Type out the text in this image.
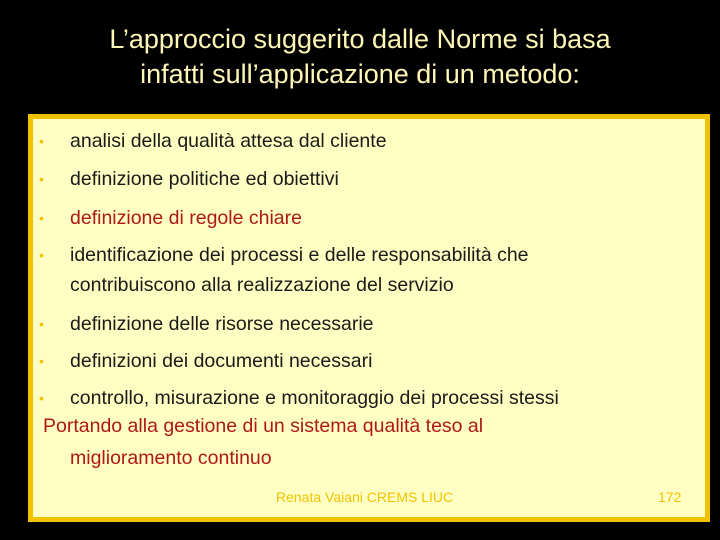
L’approccio suggerito dalle Norme si basa
infatti sull’applicazione di un metodo:
• analisi della qualità attesa dal cliente
• definizione politiche ed obiettivi
• definizione di regole chiare
• identificazione dei processi e delle responsabilità che
contribuiscono alla realizzazione del servizio
• definizione delle risorse necessarie
• definizioni dei documenti necessari
• controllo, misurazione e monitoraggio dei processi stessi
Portando alla gestione di un sistema qualità teso al
miglioramento continuo
Renata Vaiani CREMS LIUC	172
